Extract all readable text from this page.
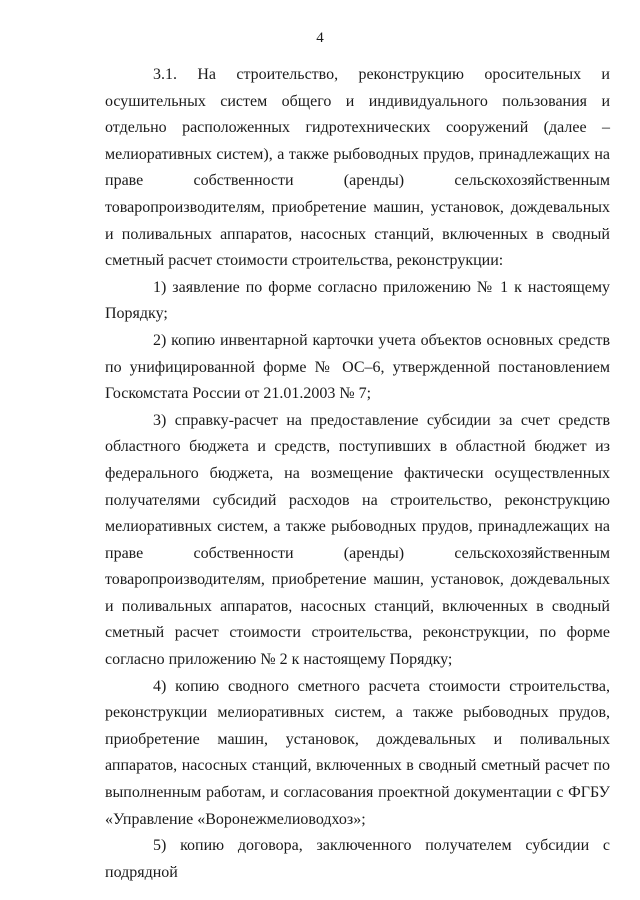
4

3.1. На строительство, реконструкцию оросительных и осушительных систем общего и индивидуального пользования и отдельно расположенных гидротехнических сооружений (далее – мелиоративных систем), а также рыбоводных прудов, принадлежащих на праве собственности (аренды) сельскохозяйственным товаропроизводителям, приобретение машин, установок, дождевальных и поливальных аппаратов, насосных станций, включенных в сводный сметный расчет стоимости строительства, реконструкции:

1) заявление по форме согласно приложению № 1 к настоящему Порядку;

2) копию инвентарной карточки учета объектов основных средств по унифицированной форме № ОС–6, утвержденной постановлением Госкомстата России от 21.01.2003 № 7;

3) справку-расчет на предоставление субсидии за счет средств областного бюджета и средств, поступивших в областной бюджет из федерального бюджета, на возмещение фактически осуществленных получателями субсидий расходов на строительство, реконструкцию мелиоративных систем, а также рыбоводных прудов, принадлежащих на праве собственности (аренды) сельскохозяйственным товаропроизводителям, приобретение машин, установок, дождевальных и поливальных аппаратов, насосных станций, включенных в сводный сметный расчет стоимости строительства, реконструкции, по форме согласно приложению № 2 к настоящему Порядку;

4) копию сводного сметного расчета стоимости строительства, реконструкции мелиоративных систем, а также рыбоводных прудов, приобретение машин, установок, дождевальных и поливальных аппаратов, насосных станций, включенных в сводный сметный расчет по выполненным работам, и согласования проектной документации с ФГБУ «Управление «Воронежмелиоводхоз»;

5) копию договора, заключенного получателем субсидии с подрядной
